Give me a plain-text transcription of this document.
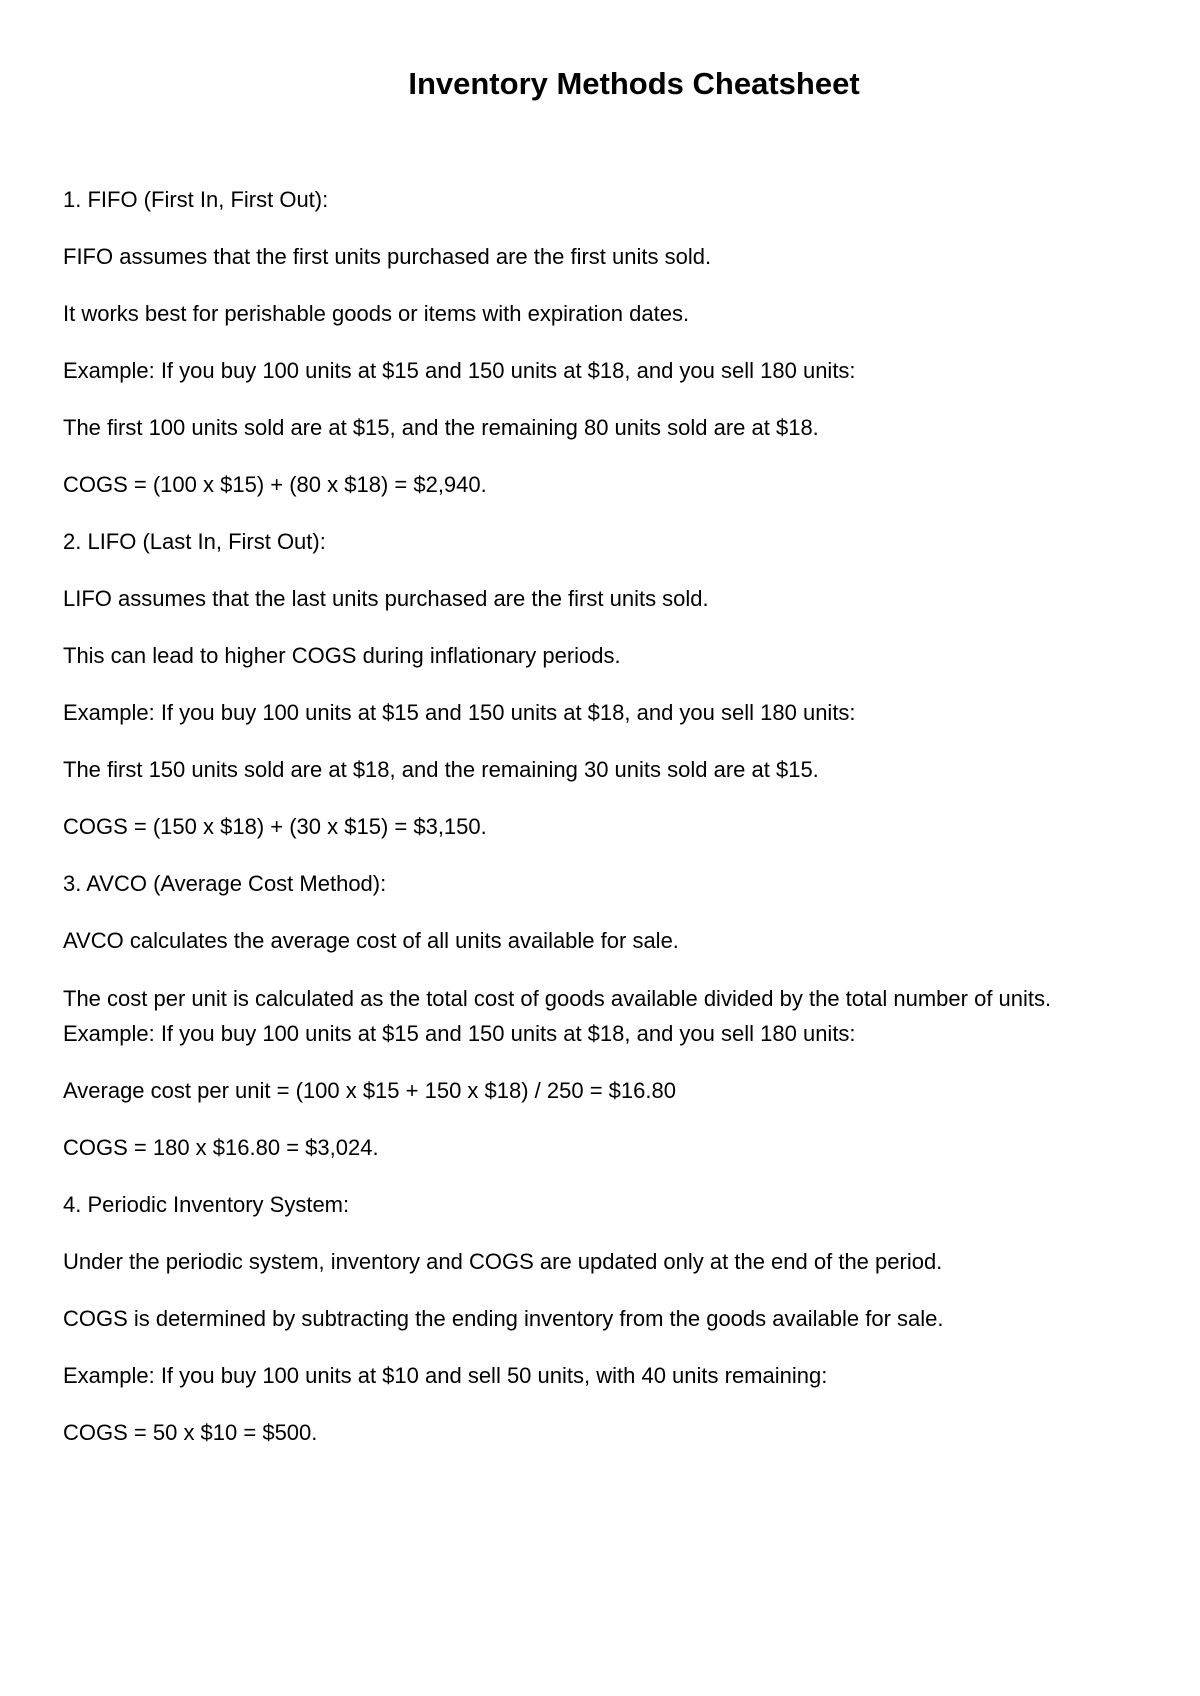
Inventory Methods Cheatsheet

1. FIFO (First In, First Out):

FIFO assumes that the first units purchased are the first units sold.

It works best for perishable goods or items with expiration dates.

Example: If you buy 100 units at $15 and 150 units at $18, and you sell 180 units:

The first 100 units sold are at $15, and the remaining 80 units sold are at $18.

COGS = (100 x $15) + (80 x $18) = $2,940.

2. LIFO (Last In, First Out):

LIFO assumes that the last units purchased are the first units sold.

This can lead to higher COGS during inflationary periods.

Example: If you buy 100 units at $15 and 150 units at $18, and you sell 180 units:

The first 150 units sold are at $18, and the remaining 30 units sold are at $15.

COGS = (150 x $18) + (30 x $15) = $3,150.

3. AVCO (Average Cost Method):

AVCO calculates the average cost of all units available for sale.

The cost per unit is calculated as the total cost of goods available divided by the total number of units.

Example: If you buy 100 units at $15 and 150 units at $18, and you sell 180 units:

Average cost per unit = (100 x $15 + 150 x $18) / 250 = $16.80

COGS = 180 x $16.80 = $3,024.

4. Periodic Inventory System:

Under the periodic system, inventory and COGS are updated only at the end of the period.

COGS is determined by subtracting the ending inventory from the goods available for sale.

Example: If you buy 100 units at $10 and sell 50 units, with 40 units remaining:

COGS = 50 x $10 = $500.
